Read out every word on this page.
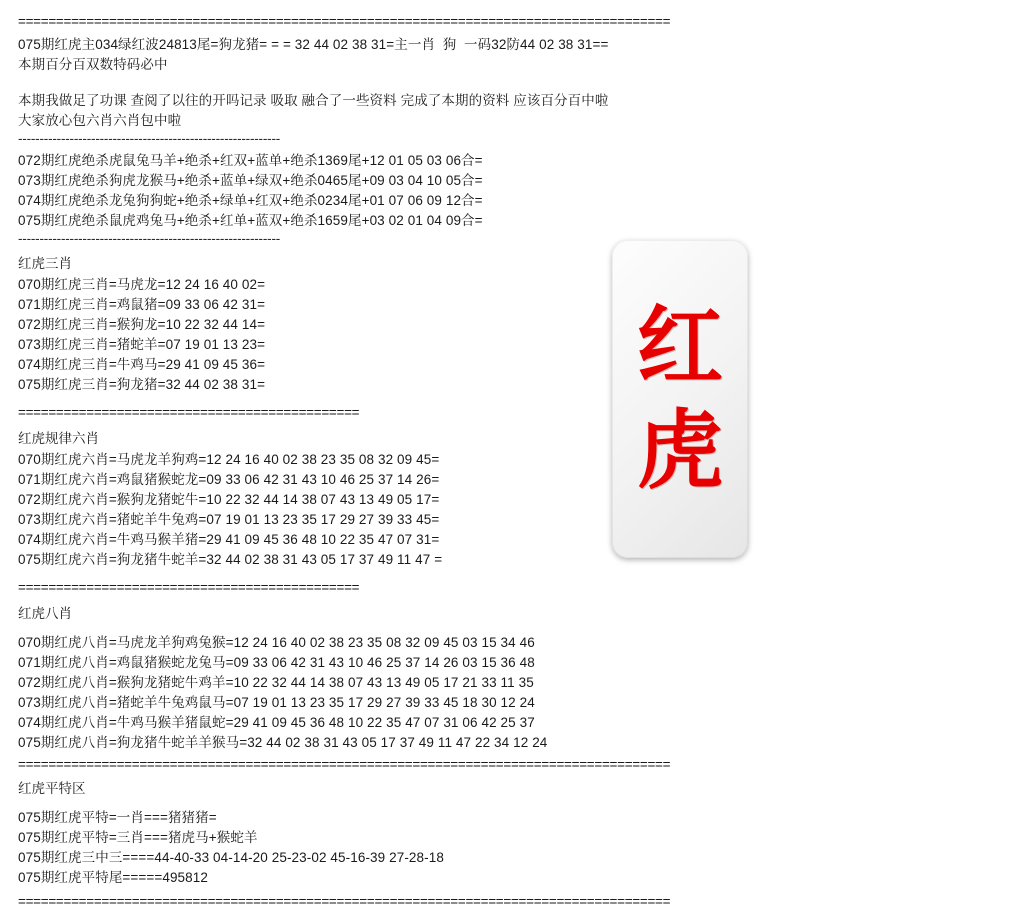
======================================================================================
075期红虎主034绿红波24813尾=狗龙猪= = = 32 44 02 38 31=主一肖  狗  一码32防44 02 38 31==
本期百分百双数特码必中
本期我做足了功课 查阅了以往的开吗记录 吸取 融合了一些资料 完成了本期的资料 应该百分百中啦
大家放心包六肖六肖包中啦
-------------------------------------------------------------
072期红虎绝杀虎鼠兔马羊+绝杀+红双+蓝单+绝杀1369尾+12 01 05 03 06合=
073期红虎绝杀狗虎龙猴马+绝杀+蓝单+绿双+绝杀0465尾+09 03 04 10 05合=
074期红虎绝杀龙兔狗狗蛇+绝杀+绿单+红双+绝杀0234尾+01 07 06 09 12合=
075期红虎绝杀鼠虎鸡兔马+绝杀+红单+蓝双+绝杀1659尾+03 02 01 04 09合=
-------------------------------------------------------------
红虎三肖
070期红虎三肖=马虎龙=12 24 16 40 02=
071期红虎三肖=鸡鼠猪=09 33 06 42 31=
072期红虎三肖=猴狗龙=10 22 32 44 14=
073期红虎三肖=猪蛇羊=07 19 01 13 23=
074期红虎三肖=牛鸡马=29 41 09 45 36=
075期红虎三肖=狗龙猪=32 44 02 38 31=
=============================================
红虎规律六肖
070期红虎六肖=马虎龙羊狗鸡=12 24 16 40 02 38 23 35 08 32 09 45=
071期红虎六肖=鸡鼠猪猴蛇龙=09 33 06 42 31 43 10 46 25 37 14 26=
072期红虎六肖=猴狗龙猪蛇牛=10 22 32 44 14 38 07 43 13 49 05 17=
073期红虎六肖=猪蛇羊牛兔鸡=07 19 01 13 23 35 17 29 27 39 33 45=
074期红虎六肖=牛鸡马猴羊猪=29 41 09 45 36 48 10 22 35 47 07 31=
075期红虎六肖=狗龙猪牛蛇羊=32 44 02 38 31 43 05 17 37 49 11 47 =
=============================================
红虎八肖
070期红虎八肖=马虎龙羊狗鸡兔猴=12 24 16 40 02 38 23 35 08 32 09 45 03 15 34 46
071期红虎八肖=鸡鼠猪猴蛇龙兔马=09 33 06 42 31 43 10 46 25 37 14 26 03 15 36 48
072期红虎八肖=猴狗龙猪蛇牛鸡羊=10 22 32 44 14 38 07 43 13 49 05 17 21 33 11 35
073期红虎八肖=猪蛇羊牛兔鸡鼠马=07 19 01 13 23 35 17 29 27 39 33 45 18 30 12 24
074期红虎八肖=牛鸡马猴羊猪鼠蛇=29 41 09 45 36 48 10 22 35 47 07 31 06 42 25 37
075期红虎八肖=狗龙猪牛蛇羊羊猴马=32 44 02 38 31 43 05 17 37 49 11 47 22 34 12 24
======================================================================================
红虎平特区
075期红虎平特=一肖===猪猪猪=
075期红虎平特=三肖===猪虎马+猴蛇羊
075期红虎三中三====44-40-33 04-14-20 25-23-02 45-16-39 27-28-18
075期红虎平特尾=====495812
======================================================================================
红
虎
